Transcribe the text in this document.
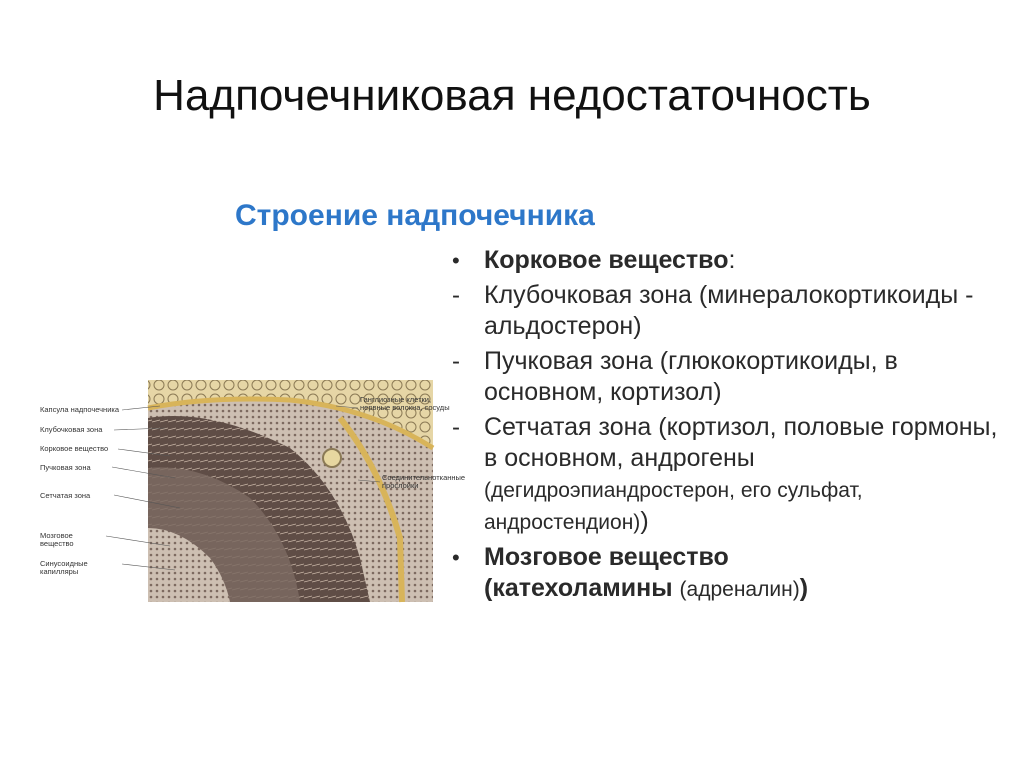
Надпочечниковая недостаточность
Строение надпочечника
Капсула надпочечника
Клубочковая зона
Корковое вещество
Пучковая зона
Сетчатая зона
Мозговое вещество
Синусоидные капилляры
Ганглиозные клетки, нервные волокна, сосуды
Соединительнотканные прослойки
• Корковое вещество:
- Клубочковая зона (минералокортикоиды - альдостерон)
- Пучковая зона (глюкокортикоиды, в основном, кортизол)
- Сетчатая зона (кортизол, половые гормоны, в основном, андрогены (дегидроэпиандростерон, его сульфат, андростендион))
• Мозговое вещество
(катехоламины (адреналин))
